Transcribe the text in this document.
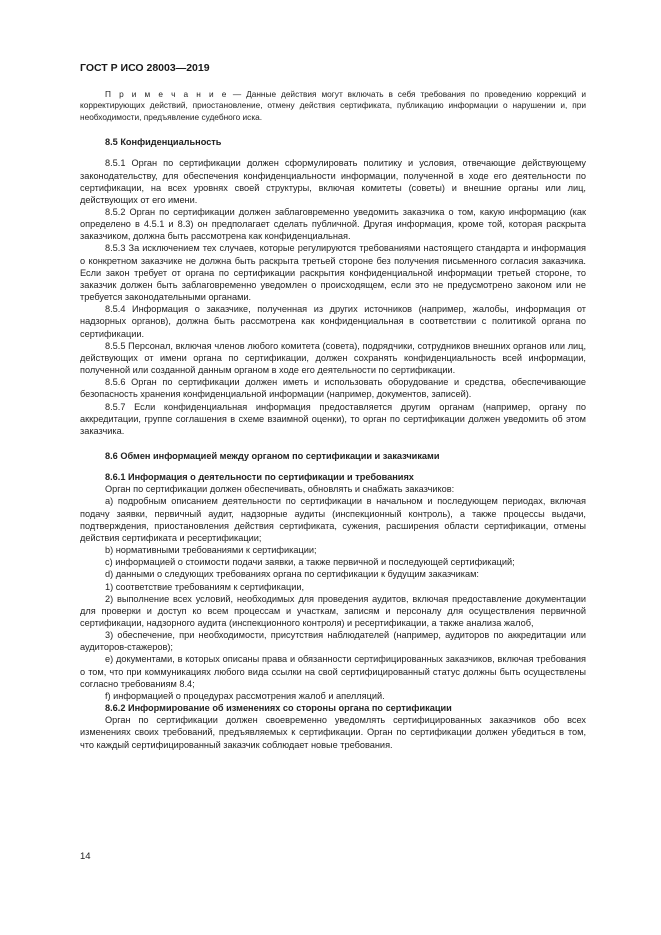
ГОСТ Р ИСО 28003—2019

П р и м е ч а н и е — Данные действия могут включать в себя требования по проведению коррекций и корректирующих действий, приостановление, отмену действия сертификата, публикацию информации о нарушении и, при необходимости, предъявление судебного иска.

8.5 Конфиденциальность

8.5.1 Орган по сертификации должен сформулировать политику и условия, отвечающие действующему законодательству, для обеспечения конфиденциальности информации, полученной в ходе его деятельности по сертификации, на всех уровнях своей структуры, включая комитеты (советы) и внешние органы или лиц, действующих от его имени.

8.5.2 Орган по сертификации должен заблаговременно уведомить заказчика о том, какую информацию (как определено в 4.5.1 и 8.3) он предполагает сделать публичной. Другая информация, кроме той, которая раскрыта заказчиком, должна быть рассмотрена как конфиденциальная.

8.5.3 За исключением тех случаев, которые регулируются требованиями настоящего стандарта и информация о конкретном заказчике не должна быть раскрыта третьей стороне без получения письменного согласия заказчика. Если закон требует от органа по сертификации раскрытия конфиденциальной информации третьей стороне, то заказчик должен быть заблаговременно уведомлен о происходящем, если это не предусмотрено законом или не требуется законодательными органами.

8.5.4 Информация о заказчике, полученная из других источников (например, жалобы, информация от надзорных органов), должна быть рассмотрена как конфиденциальная в соответствии с политикой органа по сертификации.

8.5.5 Персонал, включая членов любого комитета (совета), подрядчики, сотрудников внешних органов или лиц, действующих от имени органа по сертификации, должен сохранять конфиденциальность всей информации, полученной или созданной данным органом в ходе его деятельности по сертификации.

8.5.6 Орган по сертификации должен иметь и использовать оборудование и средства, обеспечивающие безопасность хранения конфиденциальной информации (например, документов, записей).

8.5.7 Если конфиденциальная информация предоставляется другим органам (например, органу по аккредитации, группе соглашения в схеме взаимной оценки), то орган по сертификации должен уведомить об этом заказчика.

8.6 Обмен информацией между органом по сертификации и заказчиками

8.6.1 Информация о деятельности по сертификации и требованиях

Орган по сертификации должен обеспечивать, обновлять и снабжать заказчиков:

a) подробным описанием деятельности по сертификации в начальном и последующем периодах, включая подачу заявки, первичный аудит, надзорные аудиты (инспекционный контроль), а также процессы выдачи, подтверждения, приостановления действия сертификата, сужения, расширения области сертификации, отмены действия сертификата и ресертификации;

b) нормативными требованиями к сертификации;

c) информацией о стоимости подачи заявки, а также первичной и последующей сертификаций;

d) данными о следующих требованиях органа по сертификации к будущим заказчикам:

1) соответствие требованиям к сертификации,

2) выполнение всех условий, необходимых для проведения аудитов, включая предоставление документации для проверки и доступ ко всем процессам и участкам, записям и персоналу для осуществления первичной сертификации, надзорного аудита (инспекционного контроля) и ресертификации, а также анализа жалоб,

3) обеспечение, при необходимости, присутствия наблюдателей (например, аудиторов по аккредитации или аудиторов-стажеров);

e) документами, в которых описаны права и обязанности сертифицированных заказчиков, включая требования о том, что при коммуникациях любого вида ссылки на свой сертифицированный статус должны быть осуществлены согласно требованиям 8.4;

f) информацией о процедурах рассмотрения жалоб и апелляций.

8.6.2 Информирование об изменениях со стороны органа по сертификации

Орган по сертификации должен своевременно уведомлять сертифицированных заказчиков обо всех изменениях своих требований, предъявляемых к сертификации. Орган по сертификации должен убедиться в том, что каждый сертифицированный заказчик соблюдает новые требования.

14
